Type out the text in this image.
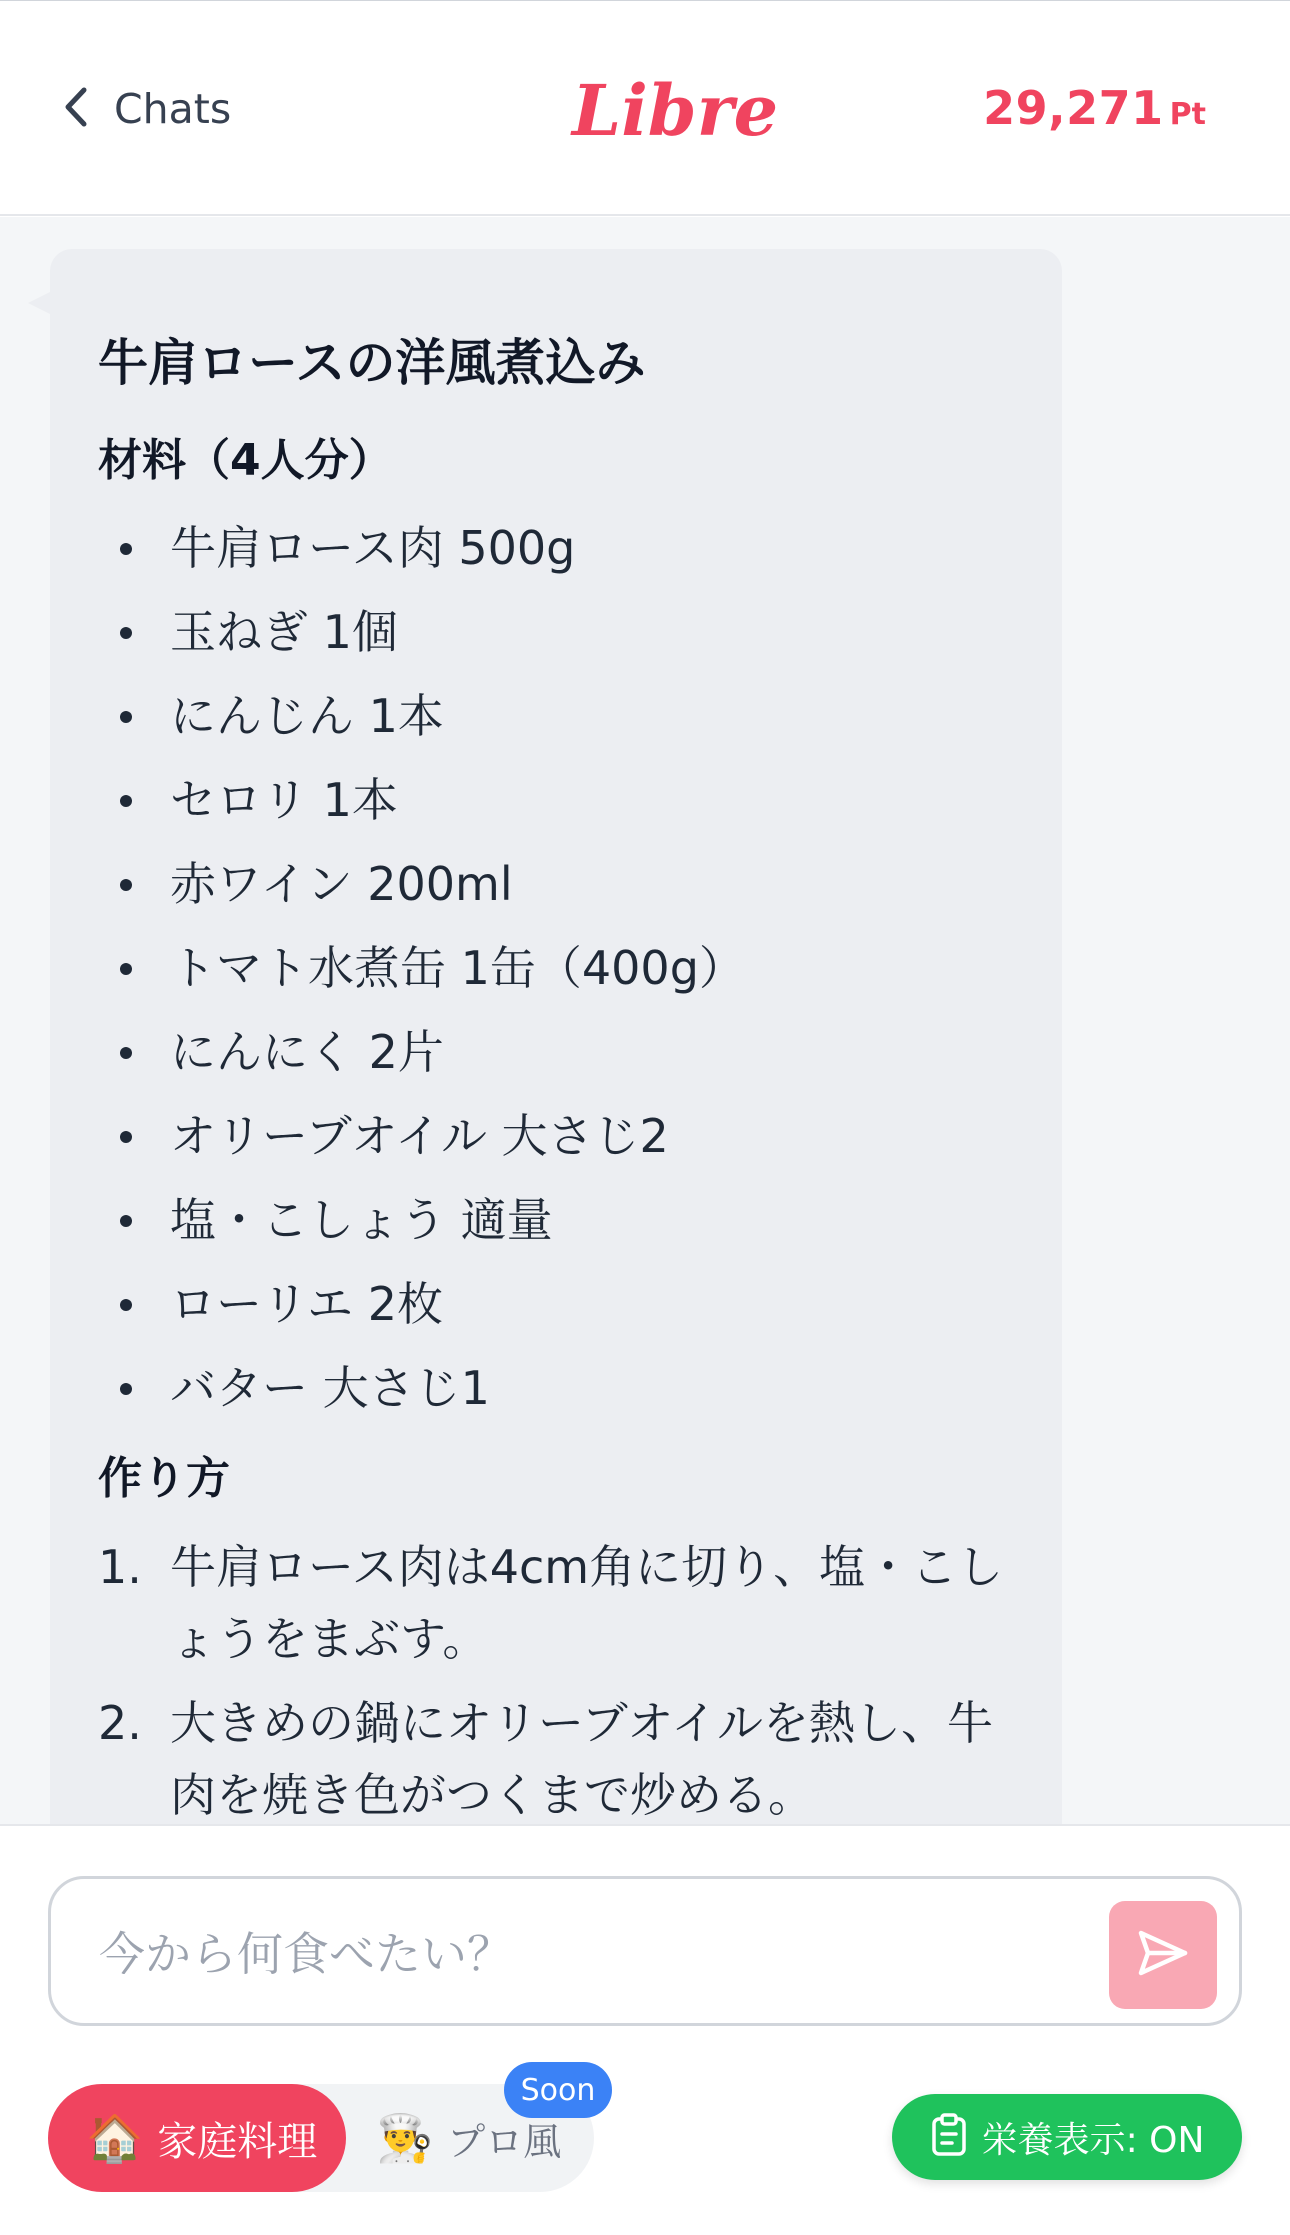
Chats	Libre	29,271 Pt
牛肩ロースの洋風煮込み
材料（4人分）
牛肩ロース肉 500g
玉ねぎ 1個
にんじん 1本
セロリ 1本
赤ワイン 200ml
トマト水煮缶 1缶（400g）
にんにく 2片
オリーブオイル 大さじ2
塩・こしょう 適量
ローリエ 2枚
バター 大さじ1
作り方
1. 牛肩ロース肉は4cm角に切り、塩・こしょうをまぶす。
2. 大きめの鍋にオリーブオイルを熱し、牛肉を焼き色がつくまで炒める。
今から何食べたい？
🏠 家庭料理 👨‍🍳 プロ風
Soon
栄養表示: ON
